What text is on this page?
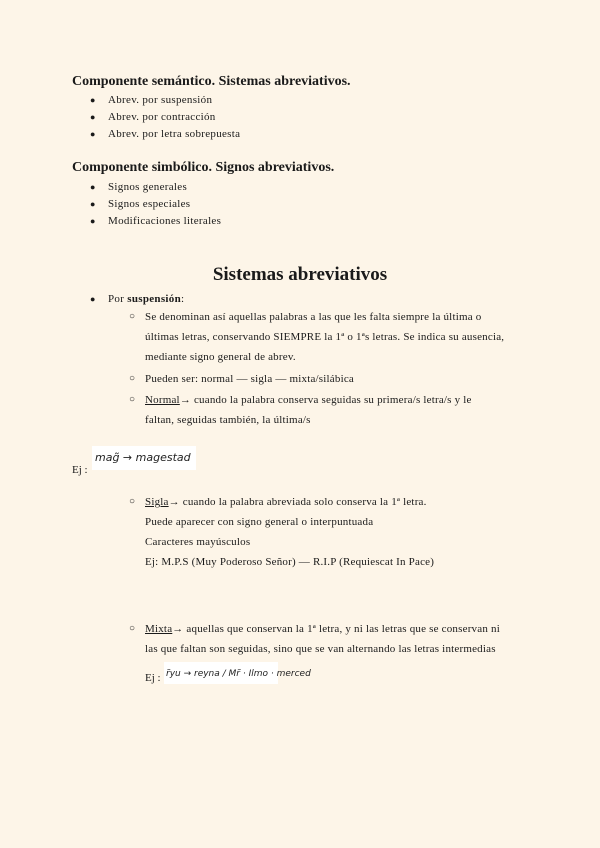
Componente semántico. Sistemas abreviativos.
● Abrev. por suspensión
● Abrev. por contracción
● Abrev. por letra sobrepuesta
Componente simbólico. Signos abreviativos.
● Signos generales
● Signos especiales
● Modificaciones literales
Sistemas abreviativos
● Por suspensión:
○ Se denominan así aquellas palabras a las que les falta siempre la última o
últimas letras, conservando SIEMPRE la 1ª o 1ªs letras. Se indica su ausencia,
mediante signo general de abrev.
○ Pueden ser: normal — sigla — mixta/silábica
○ Normal→ cuando la palabra conserva seguidas su primera/s letra/s y le
faltan, seguidas también, la última/s
Ej :
mag̃ → magestad
○ Sigla→ cuando la palabra abreviada solo conserva la 1ª letra.
Puede aparecer con signo general o interpuntuada
Caracteres mayúsculos
Ej: M.P.S (Muy Poderoso Señor) — R.I.P (Requiescat In Pace)
○ Mixta→ aquellas que conservan la 1ª letra, y ni las letras que se conservan ni
las que faltan son seguidas, sino que se van alternando las letras intermedias
Ej : r̃yu → reyna / Mr̃ · Ilmo · merced
